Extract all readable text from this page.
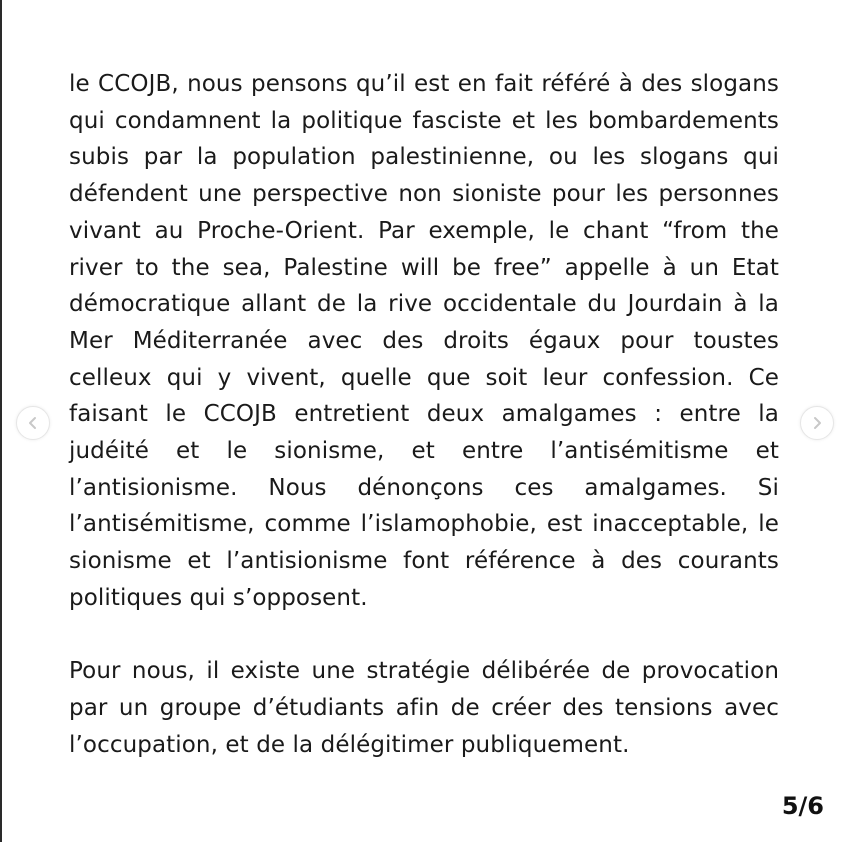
le CCOJB, nous pensons qu’il est en fait référé à des slogans qui condamnent la politique fasciste et les bombardements subis par la population palestinienne, ou les slogans qui défendent une perspective non sioniste pour les personnes vivant au Proche-Orient. Par exemple, le chant “from the river to the sea, Palestine will be free” appelle à un Etat démocratique allant de la rive occidentale du Jourdain à la Mer Méditerranée avec des droits égaux pour toustes celleux qui y vivent, quelle que soit leur confession. Ce faisant le CCOJB entretient deux amalgames : entre la judéité et le sionisme, et entre l’antisémitisme et l’antisionisme. Nous dénonçons ces amalgames. Si l’antisémitisme, comme l’islamophobie, est inacceptable, le sionisme et l’antisionisme font référence à des courants politiques qui s’opposent.

Pour nous, il existe une stratégie délibérée de provocation par un groupe d’étudiants afin de créer des tensions avec l’occupation, et de la délégitimer publiquement.

5/6
